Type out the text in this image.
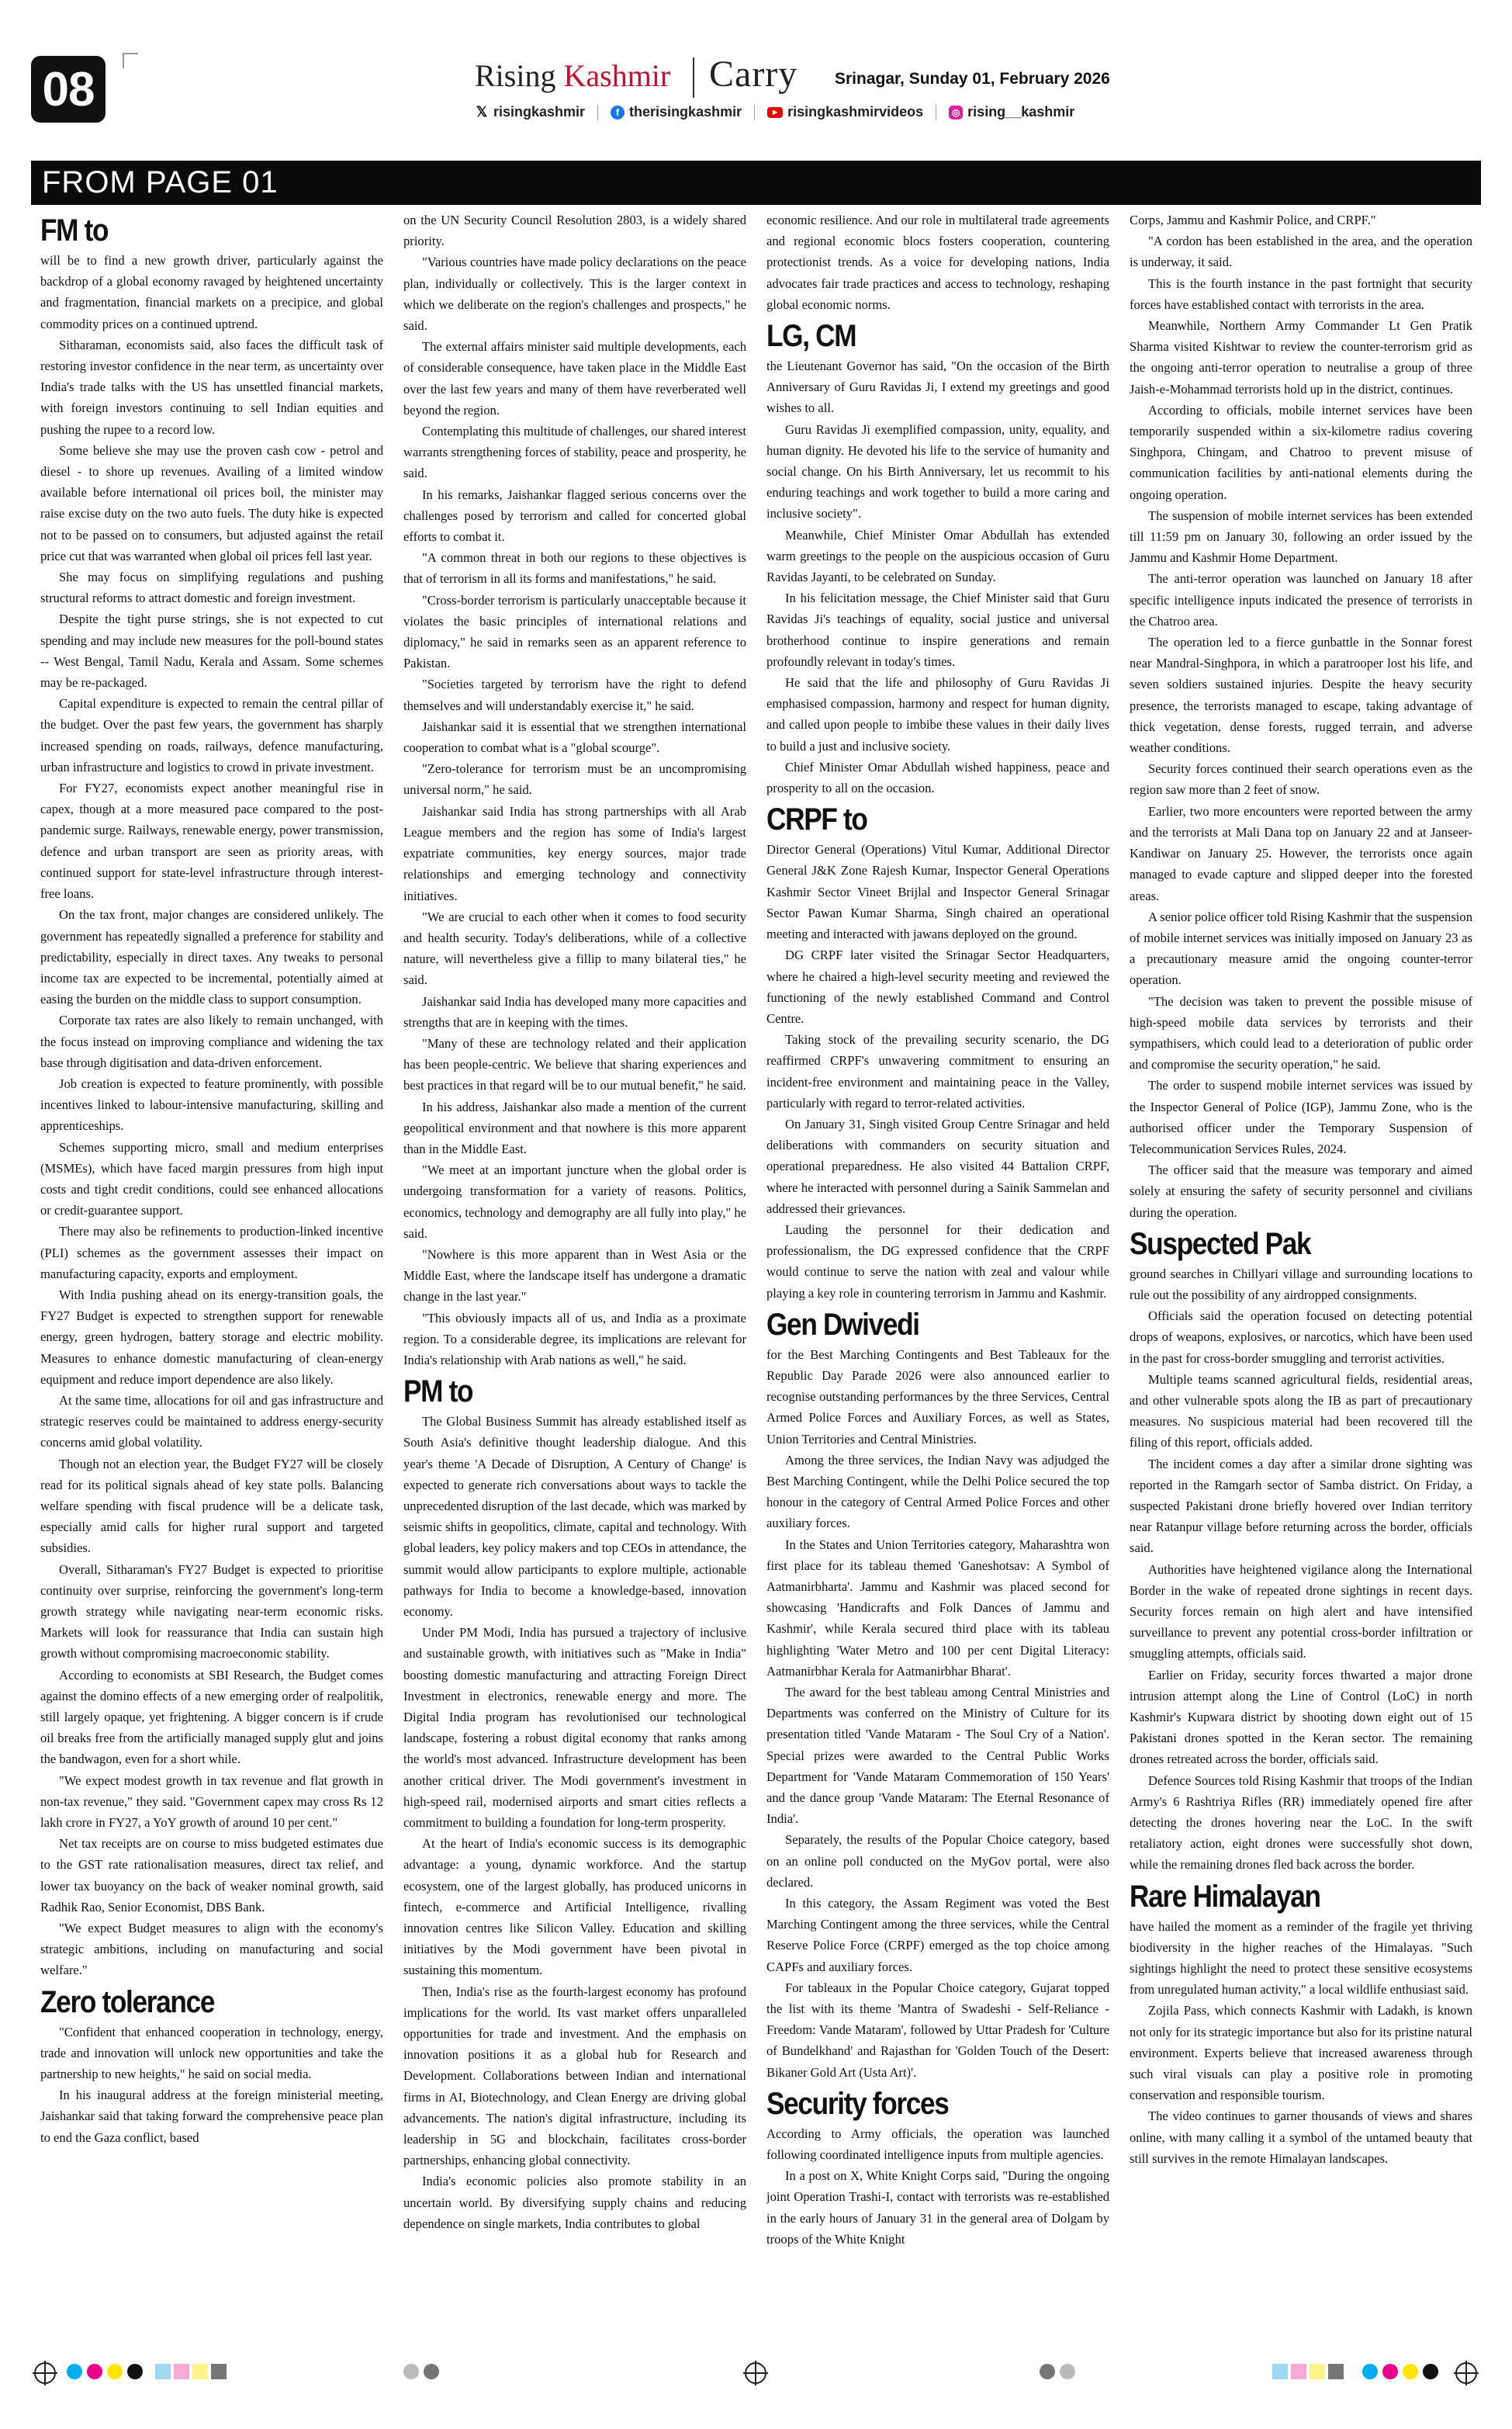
08	Rising Kashmir Carry Srinagar, Sunday 01, February 2026
𝕏 risingkashmir	f therisingkashmir	▶ risingkashmirvideos	◎ rising__kashmir
FROM PAGE 01
FM to

will be to find a new growth driver, particularly against the backdrop of a global economy ravaged by heightened uncertainty and fragmentation, financial markets on a precipice, and global commodity prices on a continued uptrend.

Sitharaman, economists said, also faces the difficult task of restoring investor confidence in the near term, as uncertainty over India's trade talks with the US has unsettled financial markets, with foreign investors continuing to sell Indian equities and pushing the rupee to a record low.

Some believe she may use the proven cash cow - petrol and diesel - to shore up revenues. Availing of a limited window available before international oil prices boil, the minister may raise excise duty on the two auto fuels. The duty hike is expected not to be passed on to consumers, but adjusted against the retail price cut that was warranted when global oil prices fell last year.

She may focus on simplifying regulations and pushing structural reforms to attract domestic and foreign investment.

Despite the tight purse strings, she is not expected to cut spending and may include new measures for the poll-bound states -- West Bengal, Tamil Nadu, Kerala and Assam. Some schemes may be re-packaged.

Capital expenditure is expected to remain the central pillar of the budget. Over the past few years, the government has sharply increased spending on roads, railways, defence manufacturing, urban infrastructure and logistics to crowd in private investment.

For FY27, economists expect another meaningful rise in capex, though at a more measured pace compared to the post-pandemic surge. Railways, renewable energy, power transmission, defence and urban transport are seen as priority areas, with continued support for state-level infrastructure through interest-free loans.

On the tax front, major changes are considered unlikely. The government has repeatedly signalled a preference for stability and predictability, especially in direct taxes. Any tweaks to personal income tax are expected to be incremental, potentially aimed at easing the burden on the middle class to support consumption.

Corporate tax rates are also likely to remain unchanged, with the focus instead on improving compliance and widening the tax base through digitisation and data-driven enforcement.

Job creation is expected to feature prominently, with possible incentives linked to labour-intensive manufacturing, skilling and apprenticeships.

Schemes supporting micro, small and medium enterprises (MSMEs), which have faced margin pressures from high input costs and tight credit conditions, could see enhanced allocations or credit-guarantee support.

There may also be refinements to production-linked incentive (PLI) schemes as the government assesses their impact on manufacturing capacity, exports and employment.

With India pushing ahead on its energy-transition goals, the FY27 Budget is expected to strengthen support for renewable energy, green hydrogen, battery storage and electric mobility. Measures to enhance domestic manufacturing of clean-energy equipment and reduce import dependence are also likely.

At the same time, allocations for oil and gas infrastructure and strategic reserves could be maintained to address energy-security concerns amid global volatility.

Though not an election year, the Budget FY27 will be closely read for its political signals ahead of key state polls. Balancing welfare spending with fiscal prudence will be a delicate task, especially amid calls for higher rural support and targeted subsidies.

Overall, Sitharaman's FY27 Budget is expected to prioritise continuity over surprise, reinforcing the government's long-term growth strategy while navigating near-term economic risks. Markets will look for reassurance that India can sustain high growth without compromising macroeconomic stability.

According to economists at SBI Research, the Budget comes against the domino effects of a new emerging order of realpolitik, still largely opaque, yet frightening. A bigger concern is if crude oil breaks free from the artificially managed supply glut and joins the bandwagon, even for a short while.

"We expect modest growth in tax revenue and flat growth in non-tax revenue," they said. "Government capex may cross Rs 12 lakh crore in FY27, a YoY growth of around 10 per cent."

Net tax receipts are on course to miss budgeted estimates due to the GST rate rationalisation measures, direct tax relief, and lower tax buoyancy on the back of weaker nominal growth, said Radhik Rao, Senior Economist, DBS Bank.

"We expect Budget measures to align with the economy's strategic ambitions, including on manufacturing and social welfare."

Zero tolerance

"Confident that enhanced cooperation in technology, energy, trade and innovation will unlock new opportunities and take the partnership to new heights," he said on social media.

In his inaugural address at the foreign ministerial meeting, Jaishankar said that taking forward the comprehensive peace plan to end the Gaza conflict, based

on the UN Security Council Resolution 2803, is a widely shared priority.

"Various countries have made policy declarations on the peace plan, individually or collectively. This is the larger context in which we deliberate on the region's challenges and prospects," he said.

The external affairs minister said multiple developments, each of considerable consequence, have taken place in the Middle East over the last few years and many of them have reverberated well beyond the region.

Contemplating this multitude of challenges, our shared interest warrants strengthening forces of stability, peace and prosperity, he said.

In his remarks, Jaishankar flagged serious concerns over the challenges posed by terrorism and called for concerted global efforts to combat it.

"A common threat in both our regions to these objectives is that of terrorism in all its forms and manifestations," he said.

"Cross-border terrorism is particularly unacceptable because it violates the basic principles of international relations and diplomacy," he said in remarks seen as an apparent reference to Pakistan.

"Societies targeted by terrorism have the right to defend themselves and will understandably exercise it," he said.

Jaishankar said it is essential that we strengthen international cooperation to combat what is a "global scourge".

"Zero-tolerance for terrorism must be an uncompromising universal norm," he said.

Jaishankar said India has strong partnerships with all Arab League members and the region has some of India's largest expatriate communities, key energy sources, major trade relationships and emerging technology and connectivity initiatives.

"We are crucial to each other when it comes to food security and health security. Today's deliberations, while of a collective nature, will nevertheless give a fillip to many bilateral ties," he said.

Jaishankar said India has developed many more capacities and strengths that are in keeping with the times.

"Many of these are technology related and their application has been people-centric. We believe that sharing experiences and best practices in that regard will be to our mutual benefit," he said.

In his address, Jaishankar also made a mention of the current geopolitical environment and that nowhere is this more apparent than in the Middle East.

"We meet at an important juncture when the global order is undergoing transformation for a variety of reasons. Politics, economics, technology and demography are all fully into play," he said.

"Nowhere is this more apparent than in West Asia or the Middle East, where the landscape itself has undergone a dramatic change in the last year."

"This obviously impacts all of us, and India as a proximate region. To a considerable degree, its implications are relevant for India's relationship with Arab nations as well," he said.

PM to

The Global Business Summit has already established itself as South Asia's definitive thought leadership dialogue. And this year's theme 'A Decade of Disruption, A Century of Change' is expected to generate rich conversations about ways to tackle the unprecedented disruption of the last decade, which was marked by seismic shifts in geopolitics, climate, capital and technology. With global leaders, key policy makers and top CEOs in attendance, the summit would allow participants to explore multiple, actionable pathways for India to become a knowledge-based, innovation economy.

Under PM Modi, India has pursued a trajectory of inclusive and sustainable growth, with initiatives such as "Make in India" boosting domestic manufacturing and attracting Foreign Direct Investment in electronics, renewable energy and more. The Digital India program has revolutionised our technological landscape, fostering a robust digital economy that ranks among the world's most advanced. Infrastructure development has been another critical driver. The Modi government's investment in high-speed rail, modernised airports and smart cities reflects a commitment to building a foundation for long-term prosperity.

At the heart of India's economic success is its demographic advantage: a young, dynamic workforce. And the startup ecosystem, one of the largest globally, has produced unicorns in fintech, e-commerce and Artificial Intelligence, rivalling innovation centres like Silicon Valley. Education and skilling initiatives by the Modi government have been pivotal in sustaining this momentum.

Then, India's rise as the fourth-largest economy has profound implications for the world. Its vast market offers unparalleled opportunities for trade and investment. And the emphasis on innovation positions it as a global hub for Research and Development. Collaborations between Indian and international firms in AI, Biotechnology, and Clean Energy are driving global advancements. The nation's digital infrastructure, including its leadership in 5G and blockchain, facilitates cross-border partnerships, enhancing global connectivity.

India's economic policies also promote stability in an uncertain world. By diversifying supply chains and reducing dependence on single markets, India contributes to global

economic resilience. And our role in multilateral trade agreements and regional economic blocs fosters cooperation, countering protectionist trends. As a voice for developing nations, India advocates fair trade practices and access to technology, reshaping global economic norms.

LG, CM

the Lieutenant Governor has said, "On the occasion of the Birth Anniversary of Guru Ravidas Ji, I extend my greetings and good wishes to all.

Guru Ravidas Ji exemplified compassion, unity, equality, and human dignity. He devoted his life to the service of humanity and social change. On his Birth Anniversary, let us recommit to his enduring teachings and work together to build a more caring and inclusive society".

Meanwhile, Chief Minister Omar Abdullah has extended warm greetings to the people on the auspicious occasion of Guru Ravidas Jayanti, to be celebrated on Sunday.

In his felicitation message, the Chief Minister said that Guru Ravidas Ji's teachings of equality, social justice and universal brotherhood continue to inspire generations and remain profoundly relevant in today's times.

He said that the life and philosophy of Guru Ravidas Ji emphasised compassion, harmony and respect for human dignity, and called upon people to imbibe these values in their daily lives to build a just and inclusive society.

Chief Minister Omar Abdullah wished happiness, peace and prosperity to all on the occasion.

CRPF to

Director General (Operations) Vitul Kumar, Additional Director General J&K Zone Rajesh Kumar, Inspector General Operations Kashmir Sector Vineet Brijlal and Inspector General Srinagar Sector Pawan Kumar Sharma, Singh chaired an operational meeting and interacted with jawans deployed on the ground.

DG CRPF later visited the Srinagar Sector Headquarters, where he chaired a high-level security meeting and reviewed the functioning of the newly established Command and Control Centre.

Taking stock of the prevailing security scenario, the DG reaffirmed CRPF's unwavering commitment to ensuring an incident-free environment and maintaining peace in the Valley, particularly with regard to terror-related activities.

On January 31, Singh visited Group Centre Srinagar and held deliberations with commanders on security situation and operational preparedness. He also visited 44 Battalion CRPF, where he interacted with personnel during a Sainik Sammelan and addressed their grievances.

Lauding the personnel for their dedication and professionalism, the DG expressed confidence that the CRPF would continue to serve the nation with zeal and valour while playing a key role in countering terrorism in Jammu and Kashmir.

Gen Dwivedi

for the Best Marching Contingents and Best Tableaux for the Republic Day Parade 2026 were also announced earlier to recognise outstanding performances by the three Services, Central Armed Police Forces and Auxiliary Forces, as well as States, Union Territories and Central Ministries.

Among the three services, the Indian Navy was adjudged the Best Marching Contingent, while the Delhi Police secured the top honour in the category of Central Armed Police Forces and other auxiliary forces.

In the States and Union Territories category, Maharashtra won first place for its tableau themed 'Ganeshotsav: A Symbol of Aatmanirbharta'. Jammu and Kashmir was placed second for showcasing 'Handicrafts and Folk Dances of Jammu and Kashmir', while Kerala secured third place with its tableau highlighting 'Water Metro and 100 per cent Digital Literacy: Aatmanirbhar Kerala for Aatmanirbhar Bharat'.

The award for the best tableau among Central Ministries and Departments was conferred on the Ministry of Culture for its presentation titled 'Vande Mataram - The Soul Cry of a Nation'. Special prizes were awarded to the Central Public Works Department for 'Vande Mataram Commemoration of 150 Years' and the dance group 'Vande Mataram: The Eternal Resonance of India'.

Separately, the results of the Popular Choice category, based on an online poll conducted on the MyGov portal, were also declared.

In this category, the Assam Regiment was voted the Best Marching Contingent among the three services, while the Central Reserve Police Force (CRPF) emerged as the top choice among CAPFs and auxiliary forces.

For tableaux in the Popular Choice category, Gujarat topped the list with its theme 'Mantra of Swadeshi - Self-Reliance - Freedom: Vande Mataram', followed by Uttar Pradesh for 'Culture of Bundelkhand' and Rajasthan for 'Golden Touch of the Desert: Bikaner Gold Art (Usta Art)'.

Security forces

According to Army officials, the operation was launched following coordinated intelligence inputs from multiple agencies.

In a post on X, White Knight Corps said, "During the ongoing joint Operation Trashi-I, contact with terrorists was re-established in the early hours of January 31 in the general area of Dolgam by troops of the White Knight

Corps, Jammu and Kashmir Police, and CRPF."

"A cordon has been established in the area, and the operation is underway, it said.

This is the fourth instance in the past fortnight that security forces have established contact with terrorists in the area.

Meanwhile, Northern Army Commander Lt Gen Pratik Sharma visited Kishtwar to review the counter-terrorism grid as the ongoing anti-terror operation to neutralise a group of three Jaish-e-Mohammad terrorists hold up in the district, continues.

According to officials, mobile internet services have been temporarily suspended within a six-kilometre radius covering Singhpora, Chingam, and Chatroo to prevent misuse of communication facilities by anti-national elements during the ongoing operation.

The suspension of mobile internet services has been extended till 11:59 pm on January 30, following an order issued by the Jammu and Kashmir Home Department.

The anti-terror operation was launched on January 18 after specific intelligence inputs indicated the presence of terrorists in the Chatroo area.

The operation led to a fierce gunbattle in the Sonnar forest near Mandral-Singhpora, in which a paratrooper lost his life, and seven soldiers sustained injuries. Despite the heavy security presence, the terrorists managed to escape, taking advantage of thick vegetation, dense forests, rugged terrain, and adverse weather conditions.

Security forces continued their search operations even as the region saw more than 2 feet of snow.

Earlier, two more encounters were reported between the army and the terrorists at Mali Dana top on January 22 and at Janseer-Kandiwar on January 25. However, the terrorists once again managed to evade capture and slipped deeper into the forested areas.

A senior police officer told Rising Kashmir that the suspension of mobile internet services was initially imposed on January 23 as a precautionary measure amid the ongoing counter-terror operation.

"The decision was taken to prevent the possible misuse of high-speed mobile data services by terrorists and their sympathisers, which could lead to a deterioration of public order and compromise the security operation," he said.

The order to suspend mobile internet services was issued by the Inspector General of Police (IGP), Jammu Zone, who is the authorised officer under the Temporary Suspension of Telecommunication Services Rules, 2024.

The officer said that the measure was temporary and aimed solely at ensuring the safety of security personnel and civilians during the operation.

Suspected Pak

ground searches in Chillyari village and surrounding locations to rule out the possibility of any airdropped consignments.

Officials said the operation focused on detecting potential drops of weapons, explosives, or narcotics, which have been used in the past for cross-border smuggling and terrorist activities.

Multiple teams scanned agricultural fields, residential areas, and other vulnerable spots along the IB as part of precautionary measures. No suspicious material had been recovered till the filing of this report, officials added.

The incident comes a day after a similar drone sighting was reported in the Ramgarh sector of Samba district. On Friday, a suspected Pakistani drone briefly hovered over Indian territory near Ratanpur village before returning across the border, officials said.

Authorities have heightened vigilance along the International Border in the wake of repeated drone sightings in recent days. Security forces remain on high alert and have intensified surveillance to prevent any potential cross-border infiltration or smuggling attempts, officials said.

Earlier on Friday, security forces thwarted a major drone intrusion attempt along the Line of Control (LoC) in north Kashmir's Kupwara district by shooting down eight out of 15 Pakistani drones spotted in the Keran sector. The remaining drones retreated across the border, officials said.

Defence Sources told Rising Kashmir that troops of the Indian Army's 6 Rashtriya Rifles (RR) immediately opened fire after detecting the drones hovering near the LoC. In the swift retaliatory action, eight drones were successfully shot down, while the remaining drones fled back across the border.

Rare Himalayan

have hailed the moment as a reminder of the fragile yet thriving biodiversity in the higher reaches of the Himalayas. "Such sightings highlight the need to protect these sensitive ecosystems from unregulated human activity," a local wildlife enthusiast said.

Zojila Pass, which connects Kashmir with Ladakh, is known not only for its strategic importance but also for its pristine natural environment. Experts believe that increased awareness through such viral visuals can play a positive role in promoting conservation and responsible tourism.

The video continues to garner thousands of views and shares online, with many calling it a symbol of the untamed beauty that still survives in the remote Himalayan landscapes.
